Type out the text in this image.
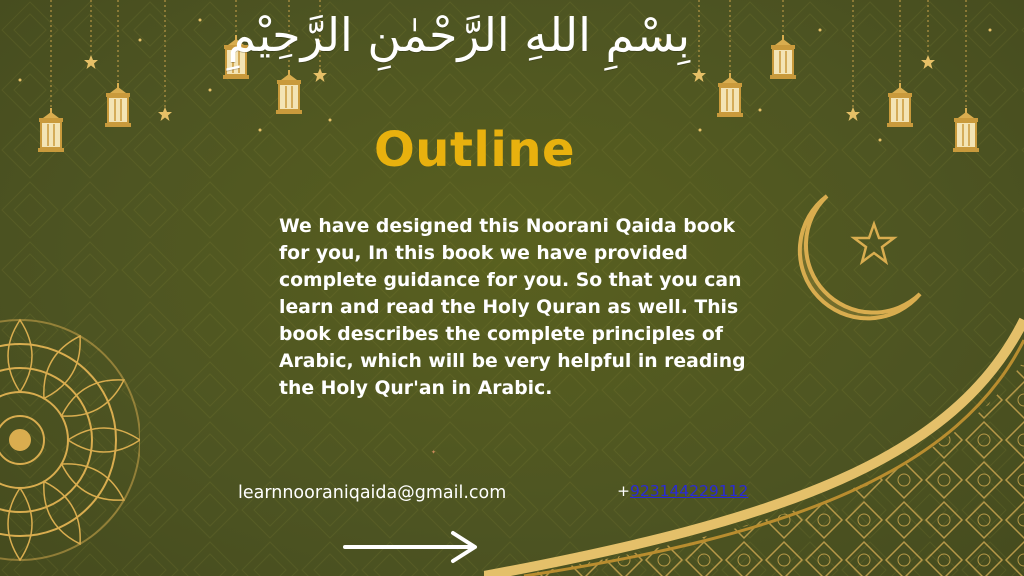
بِسْمِ اللهِ الرَّحْمٰنِ الرَّحِيْمِ
Outline

We have designed this Noorani Qaida book for you, In this book we have provided complete guidance for you. So that you can learn and read the Holy Quran as well. This book describes the complete principles of Arabic, which will be very helpful in reading the Holy Qur'an in Arabic.

✦
learnnooraniqaida@gmail.com	+923144229112
